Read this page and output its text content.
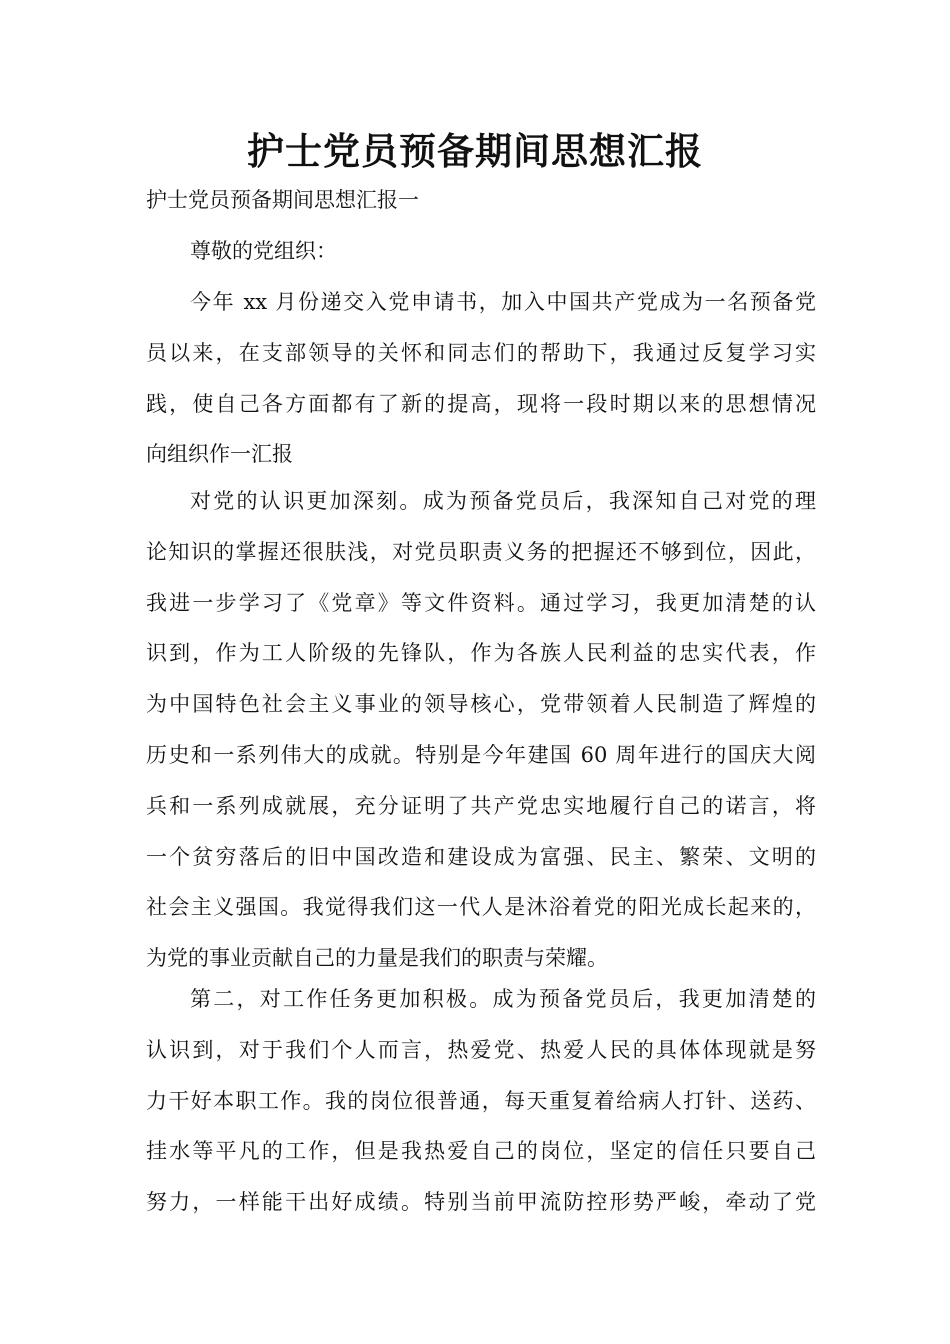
护士党员预备期间思想汇报
护士党员预备期间思想汇报一
尊敬的党组织：
今年 xx 月份递交入党申请书，加入中国共产党成为一名预备党
员以来，在支部领导的关怀和同志们的帮助下，我通过反复学习实
践，使自己各方面都有了新的提高，现将一段时期以来的思想情况
向组织作一汇报
对党的认识更加深刻。成为预备党员后，我深知自己对党的理
论知识的掌握还很肤浅，对党员职责义务的把握还不够到位，因此，
我进一步学习了《党章》等文件资料。通过学习，我更加清楚的认
识到，作为工人阶级的先锋队，作为各族人民利益的忠实代表，作
为中国特色社会主义事业的领导核心，党带领着人民制造了辉煌的
历史和一系列伟大的成就。特别是今年建国 60 周年进行的国庆大阅
兵和一系列成就展，充分证明了共产党忠实地履行自己的诺言，将
一个贫穷落后的旧中国改造和建设成为富强、民主、繁荣、文明的
社会主义强国。我觉得我们这一代人是沐浴着党的阳光成长起来的，
为党的事业贡献自己的力量是我们的职责与荣耀。
第二，对工作任务更加积极。成为预备党员后，我更加清楚的
认识到，对于我们个人而言，热爱党、热爱人民的具体体现就是努
力干好本职工作。我的岗位很普通，每天重复着给病人打针、送药、
挂水等平凡的工作，但是我热爱自己的岗位，坚定的信任只要自己
努力，一样能干出好成绩。特别当前甲流防控形势严峻，牵动了党
